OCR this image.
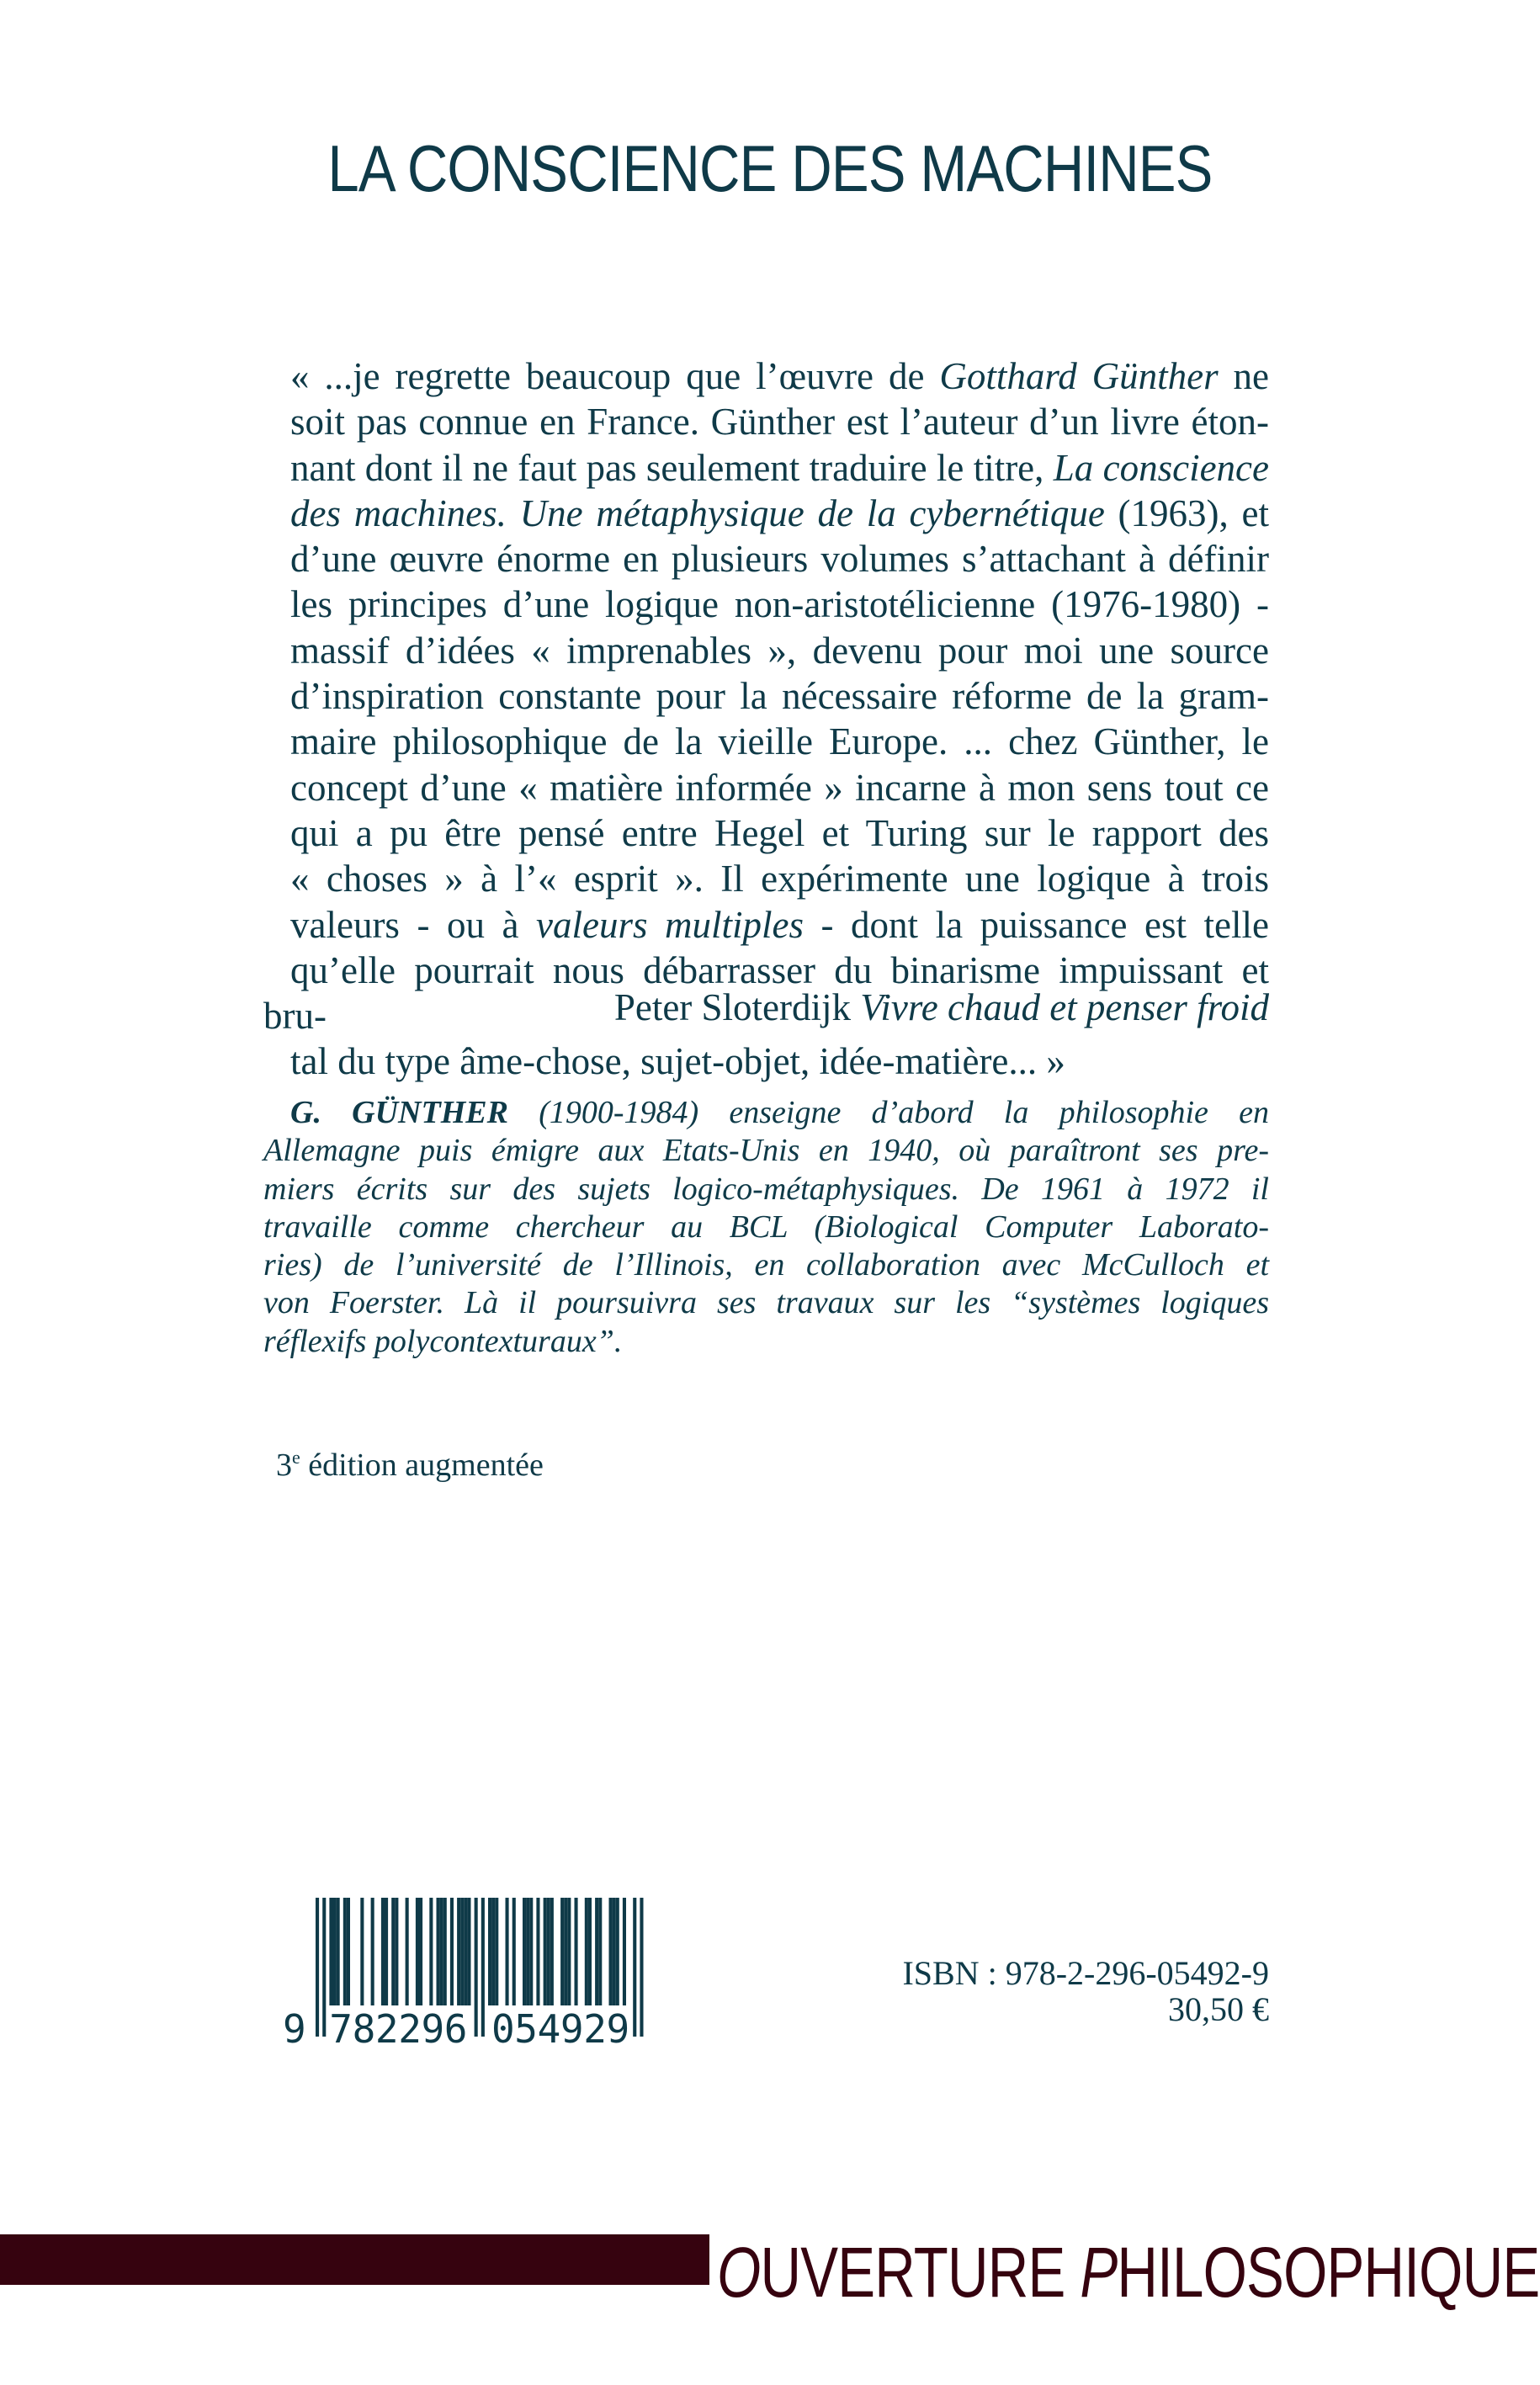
LA CONSCIENCE DES MACHINES
« ...je regrette beaucoup que l’œuvre de Gotthard Günther ne
soit pas connue en France. Günther est l’auteur d’un livre éton-
nant dont il ne faut pas seulement traduire le titre, La conscience
des machines. Une métaphysique de la cybernétique (1963), et
d’une œuvre énorme en plusieurs volumes s’attachant à définir
les principes d’une logique non-aristotélicienne (1976-1980) -
massif d’idées « imprenables », devenu pour moi une source
d’inspiration constante pour la nécessaire réforme de la gram-
maire philosophique de la vieille Europe. ... chez Günther, le
concept d’une « matière informée » incarne à mon sens tout ce
qui a pu être pensé entre Hegel et Turing sur le rapport des
« choses » à l’« esprit ». Il expérimente une logique à trois
valeurs - ou à valeurs multiples - dont la puissance est telle
qu’elle pourrait nous débarrasser du binarisme impuissant et bru-
tal du type âme-chose, sujet-objet, idée-matière... »
Peter Sloterdijk Vivre chaud et penser froid
G. GÜNTHER (1900-1984) enseigne d’abord la philosophie en
Allemagne puis émigre aux Etats-Unis en 1940, où paraîtront ses pre-
miers écrits sur des sujets logico-métaphysiques. De 1961 à 1972 il
travaille comme chercheur au BCL (Biological Computer Laborato-
ries) de l’université de l’Illinois, en collaboration avec McCulloch et
von Foerster. Là il poursuivra ses travaux sur les “systèmes logiques
réflexifs polycontexturaux”.
3e édition augmentée
9 782296 054929
ISBN : 978-2-296-05492-9
30,50 €
OUVERTURE PHILOSOPHIQUE
